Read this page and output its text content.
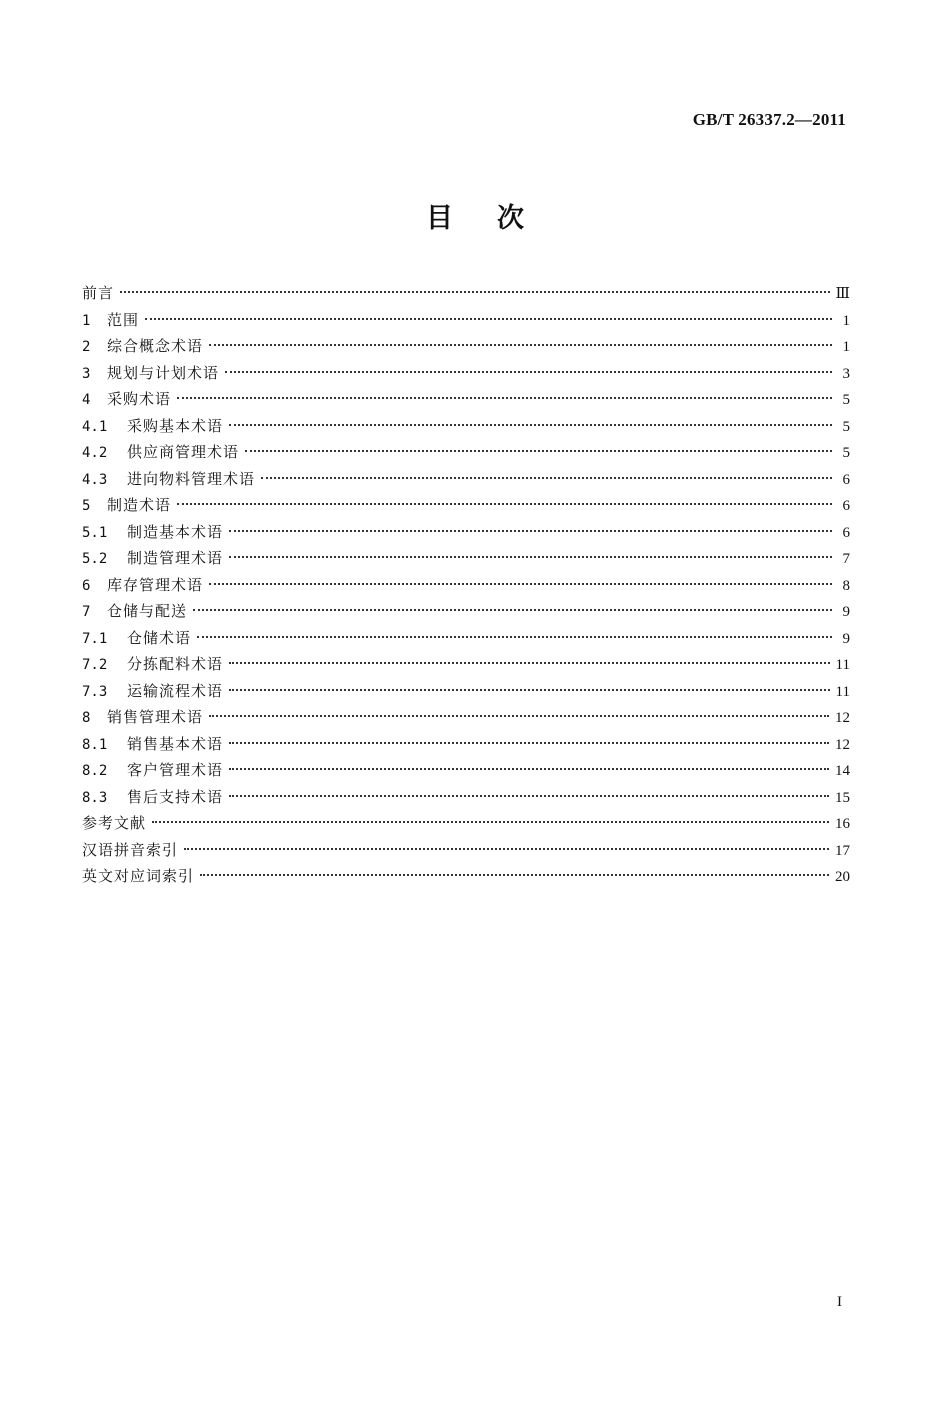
GB/T 26337.2—2011
目次
前言	Ⅲ
1	范围	1
2	综合概念术语	1
3	规划与计划术语	3
4	采购术语	5
4.1	采购基本术语	5
4.2	供应商管理术语	5
4.3	进向物料管理术语	6
5	制造术语	6
5.1	制造基本术语	6
5.2	制造管理术语	7
6	库存管理术语	8
7	仓储与配送	9
7.1	仓储术语	9
7.2	分拣配料术语	11
7.3	运输流程术语	11
8	销售管理术语	12
8.1	销售基本术语	12
8.2	客户管理术语	14
8.3	售后支持术语	15
参考文献	16
汉语拼音索引	17
英文对应词索引	20
I
